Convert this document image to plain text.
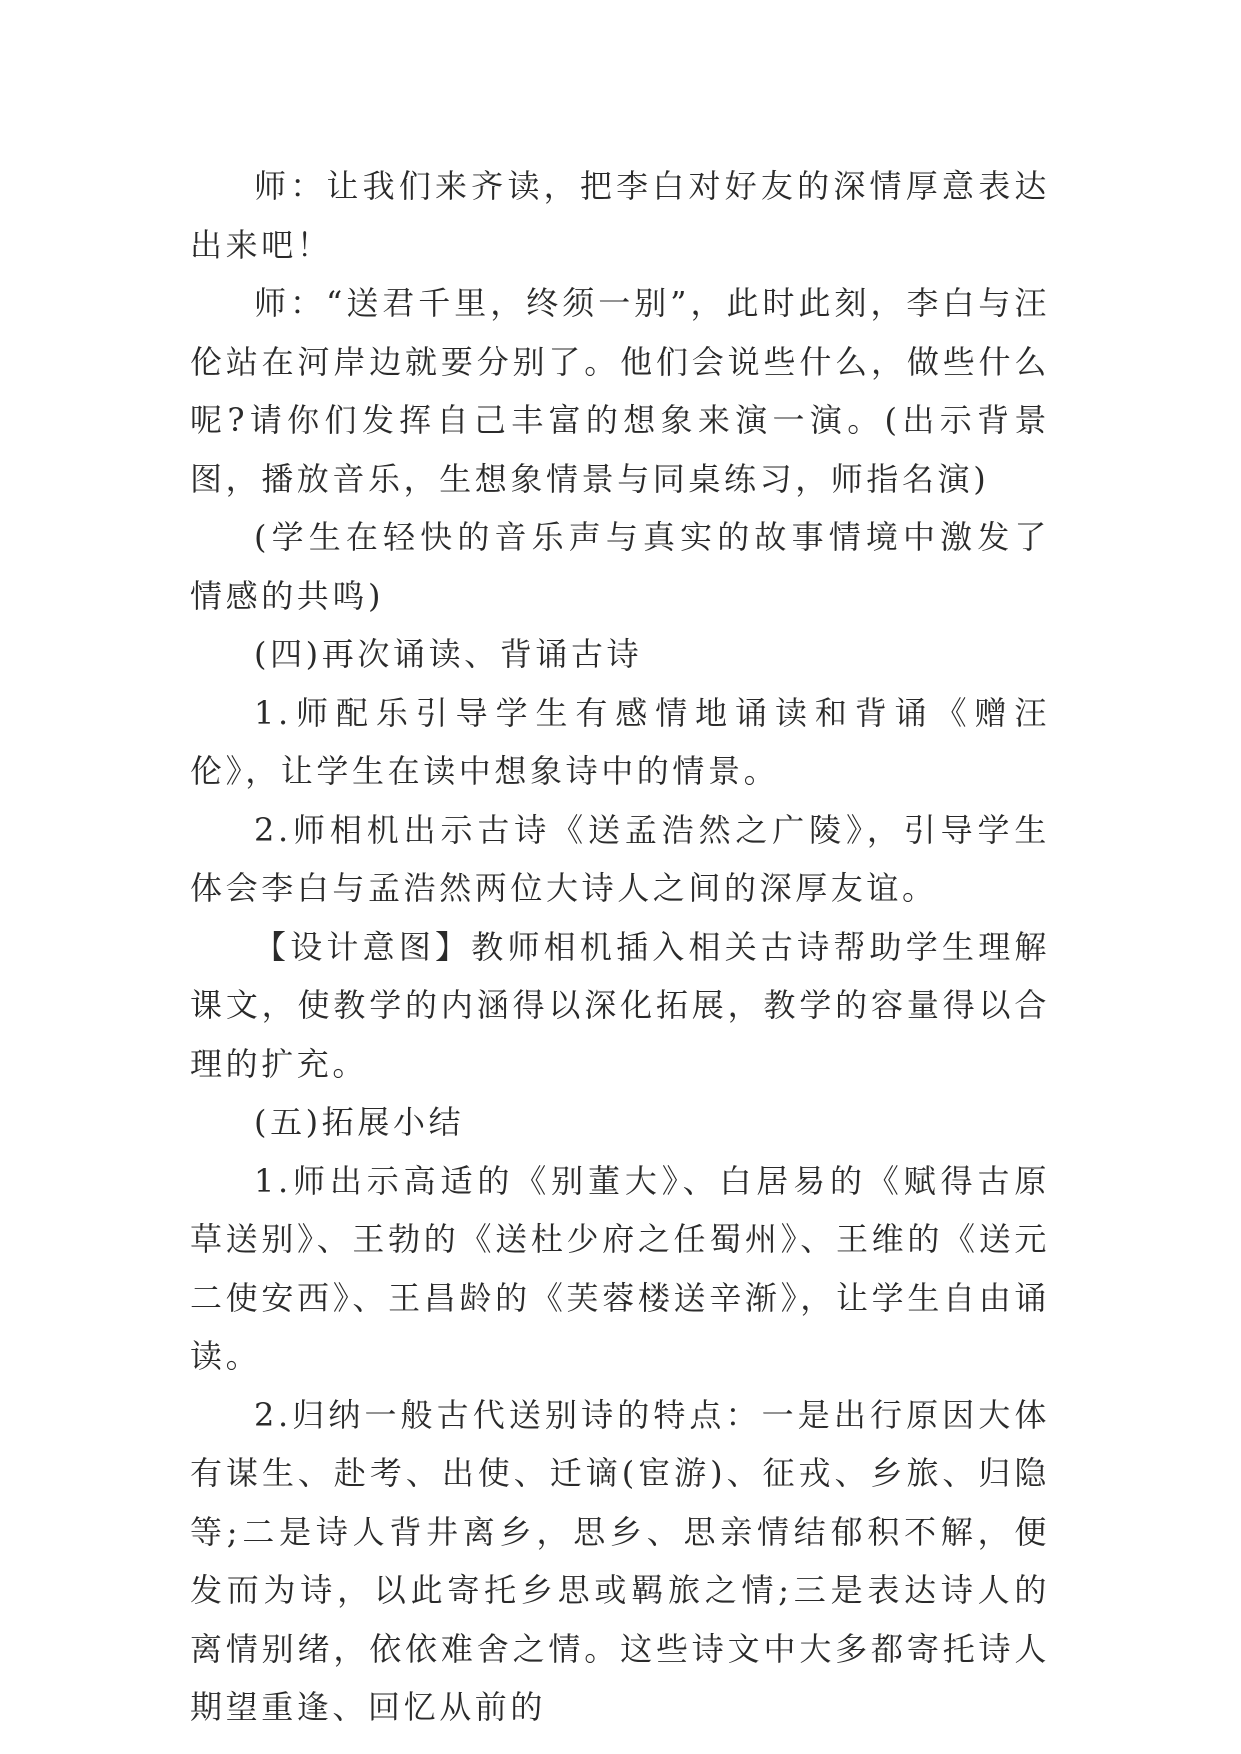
师：让我们来齐读，把李白对好友的深情厚意表达出来吧！

师：“送君千里，终须一别”，此时此刻，李白与汪伦站在河岸边就要分别了。他们会说些什么，做些什么呢?请你们发挥自己丰富的想象来演一演。(出示背景图，播放音乐，生想象情景与同桌练习，师指名演)

(学生在轻快的音乐声与真实的故事情境中激发了情感的共鸣)

(四)再次诵读、背诵古诗

1.师配乐引导学生有感情地诵读和背诵《赠汪伦》，让学生在读中想象诗中的情景。

2.师相机出示古诗《送孟浩然之广陵》，引导学生体会李白与孟浩然两位大诗人之间的深厚友谊。

【设计意图】教师相机插入相关古诗帮助学生理解课文，使教学的内涵得以深化拓展，教学的容量得以合理的扩充。

(五)拓展小结

1.师出示高适的《别董大》、白居易的《赋得古原草送别》、王勃的《送杜少府之任蜀州》、王维的《送元二使安西》、王昌龄的《芙蓉楼送辛渐》，让学生自由诵读。

2.归纳一般古代送别诗的特点：一是出行原因大体有谋生、赴考、出使、迁谪(宦游)、征戎、乡旅、归隐等;二是诗人背井离乡，思乡、思亲情结郁积不解，便发而为诗，以此寄托乡思或羁旅之情;三是表达诗人的离情别绪，依依难舍之情。这些诗文中大多都寄托诗人期望重逢、回忆从前的
